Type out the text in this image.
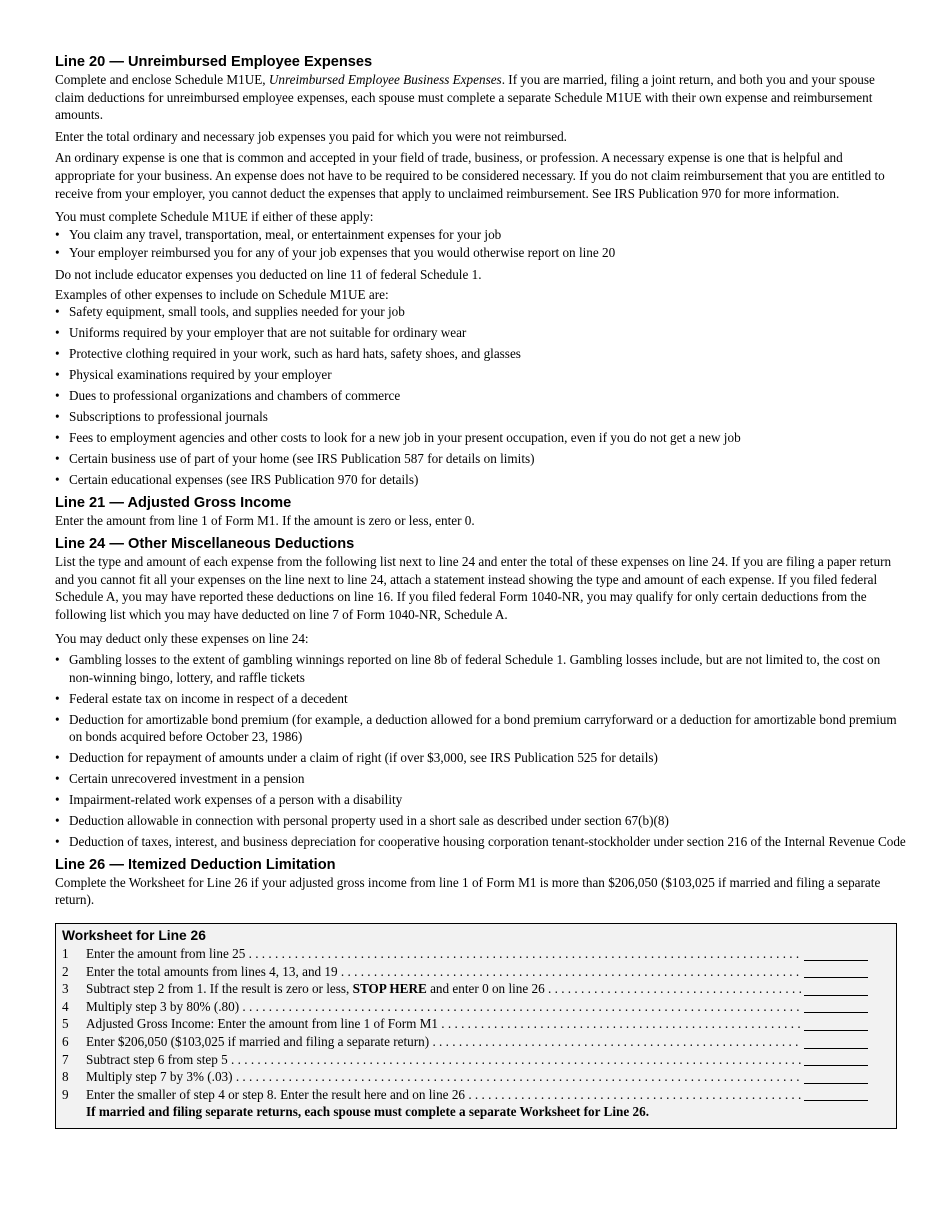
Line 20 — Unreimbursed Employee Expenses

Complete and enclose Schedule M1UE, Unreimbursed Employee Business Expenses. If you are married, filing a joint return, and both you and your spouse claim deductions for unreimbursed employee expenses, each spouse must complete a separate Schedule M1UE with their own expense and reimbursement amounts.

Enter the total ordinary and necessary job expenses you paid for which you were not reimbursed.

An ordinary expense is one that is common and accepted in your field of trade, business, or profession. A necessary expense is one that is helpful and appropriate for your business. An expense does not have to be required to be considered necessary. If you do not claim reimbursement that you are entitled to receive from your employer, you cannot deduct the expenses that apply to unclaimed reimbursement. See IRS Publication 970 for more information.

You must complete Schedule M1UE if either of these apply:

• You claim any travel, transportation, meal, or entertainment expenses for your job
• Your employer reimbursed you for any of your job expenses that you would otherwise report on line 20

Do not include educator expenses you deducted on line 11 of federal Schedule 1.

Examples of other expenses to include on Schedule M1UE are:

• Safety equipment, small tools, and supplies needed for your job
• Uniforms required by your employer that are not suitable for ordinary wear
• Protective clothing required in your work, such as hard hats, safety shoes, and glasses
• Physical examinations required by your employer
• Dues to professional organizations and chambers of commerce
• Subscriptions to professional journals
• Fees to employment agencies and other costs to look for a new job in your present occupation, even if you do not get a new job
• Certain business use of part of your home (see IRS Publication 587 for details on limits)
• Certain educational expenses (see IRS Publication 970 for details)
Line 21 — Adjusted Gross Income

Enter the amount from line 1 of Form M1. If the amount is zero or less, enter 0.

Line 24 — Other Miscellaneous Deductions

List the type and amount of each expense from the following list next to line 24 and enter the total of these expenses on line 24. If you are filing a paper return and you cannot fit all your expenses on the line next to line 24, attach a statement instead showing the type and amount of each expense. If you filed federal Schedule A, you may have reported these deductions on line 16. If you filed federal Form 1040-NR, you may qualify for only certain deductions from the following list which you may have deducted on line 7 of Form 1040-NR, Schedule A.

You may deduct only these expenses on line 24:

• Gambling losses to the extent of gambling winnings reported on line 8b of federal Schedule 1. Gambling losses include, but are not limited to, the cost on non-winning bingo, lottery, and raffle tickets
• Federal estate tax on income in respect of a decedent
• Deduction for amortizable bond premium (for example, a deduction allowed for a bond premium carryforward or a deduction for amortizable bond premium on bonds acquired before October 23, 1986)
• Deduction for repayment of amounts under a claim of right (if over $3,000, see IRS Publication 525 for details)
• Certain unrecovered investment in a pension
• Impairment-related work expenses of a person with a disability
• Deduction allowable in connection with personal property used in a short sale as described under section 67(b)(8)
• Deduction of taxes, interest, and business depreciation for cooperative housing corporation tenant-stockholder under section 216 of the Internal Revenue Code
Line 26 — Itemized Deduction Limitation

Complete the Worksheet for Line 26 if your adjusted gross income from line 1 of Form M1 is more than $206,050 ($103,025 if married and filing a separate return).

Worksheet for Line 26
1	Enter the amount from line 25 . . .
2	Enter the total amounts from lines 4, 13, and 19 . . .
3	Subtract step 2 from 1. If the result is zero or less, STOP HERE and enter 0 on line 26 . . .
4	Multiply step 3 by 80% (.80) . . .
5	Adjusted Gross Income: Enter the amount from line 1 of Form M1 . . .
6	Enter $206,050 ($103,025 if married and filing a separate return) . . .
7	Subtract step 6 from step 5 . . .
8	Multiply step 7 by 3% (.03) . . .
9	Enter the smaller of step 4 or step 8. Enter the result here and on line 26 . . .
If married and filing separate returns, each spouse must complete a separate Worksheet for Line 26.
